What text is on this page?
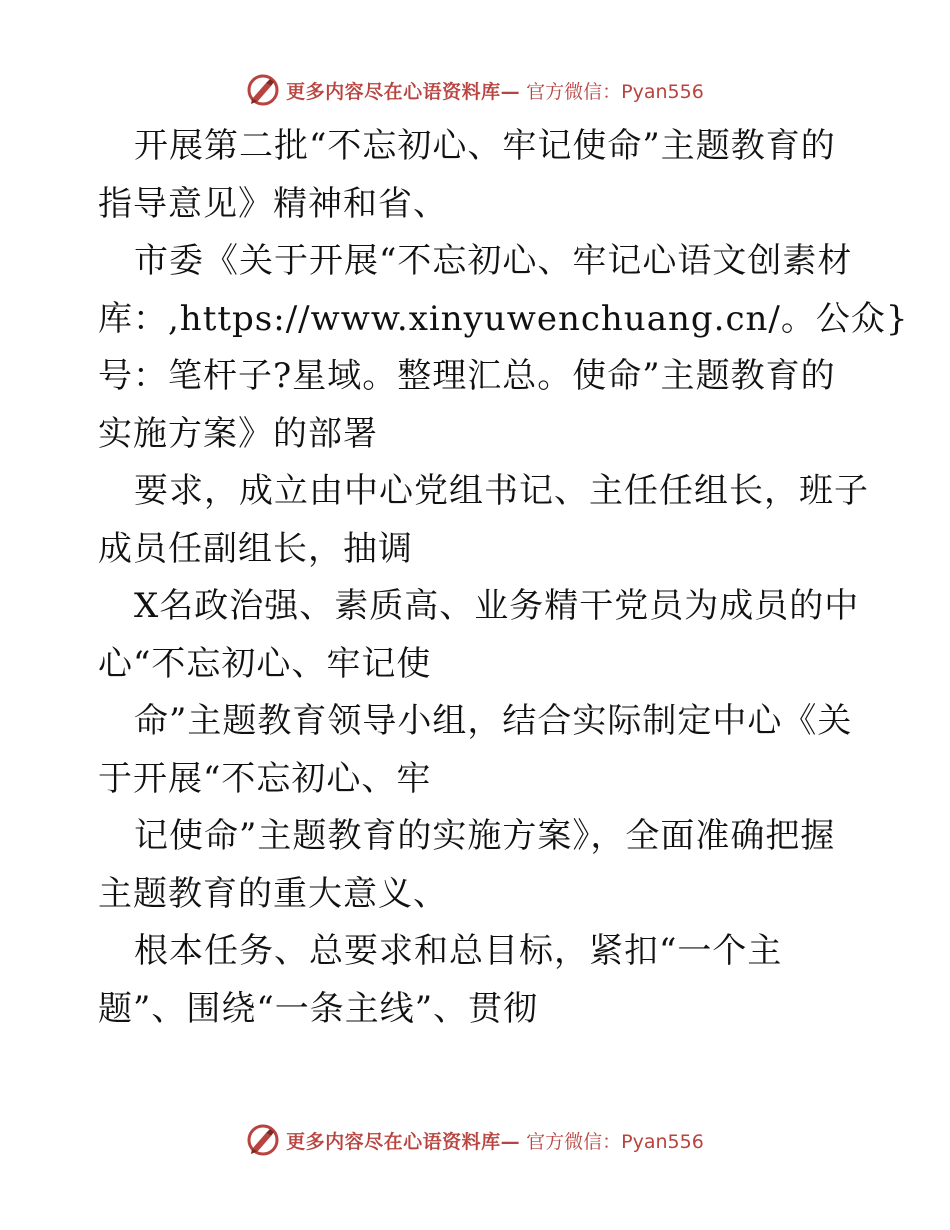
更多内容尽在心语资料库— 官方微信：Pyan556
开展第二批“不忘初心、牢记使命”主题教育的
指导意见》精神和省、
市委《关于开展“不忘初心、牢记心语文创素材
库：,https://www.xinyuwenchuang.cn/。公众}
号：笔杆子?星域。整理汇总。使命”主题教育的
实施方案》的部署
要求，成立由中心党组书记、主任任组长，班子
成员任副组长，抽调
X名政治强、素质高、业务精干党员为成员的中
心“不忘初心、牢记使
命”主题教育领导小组，结合实际制定中心《关
于开展“不忘初心、牢
记使命”主题教育的实施方案》，全面准确把握
主题教育的重大意义、
根本任务、总要求和总目标，紧扣“一个主
题”、围绕“一条主线”、贯彻
更多内容尽在心语资料库— 官方微信：Pyan556
